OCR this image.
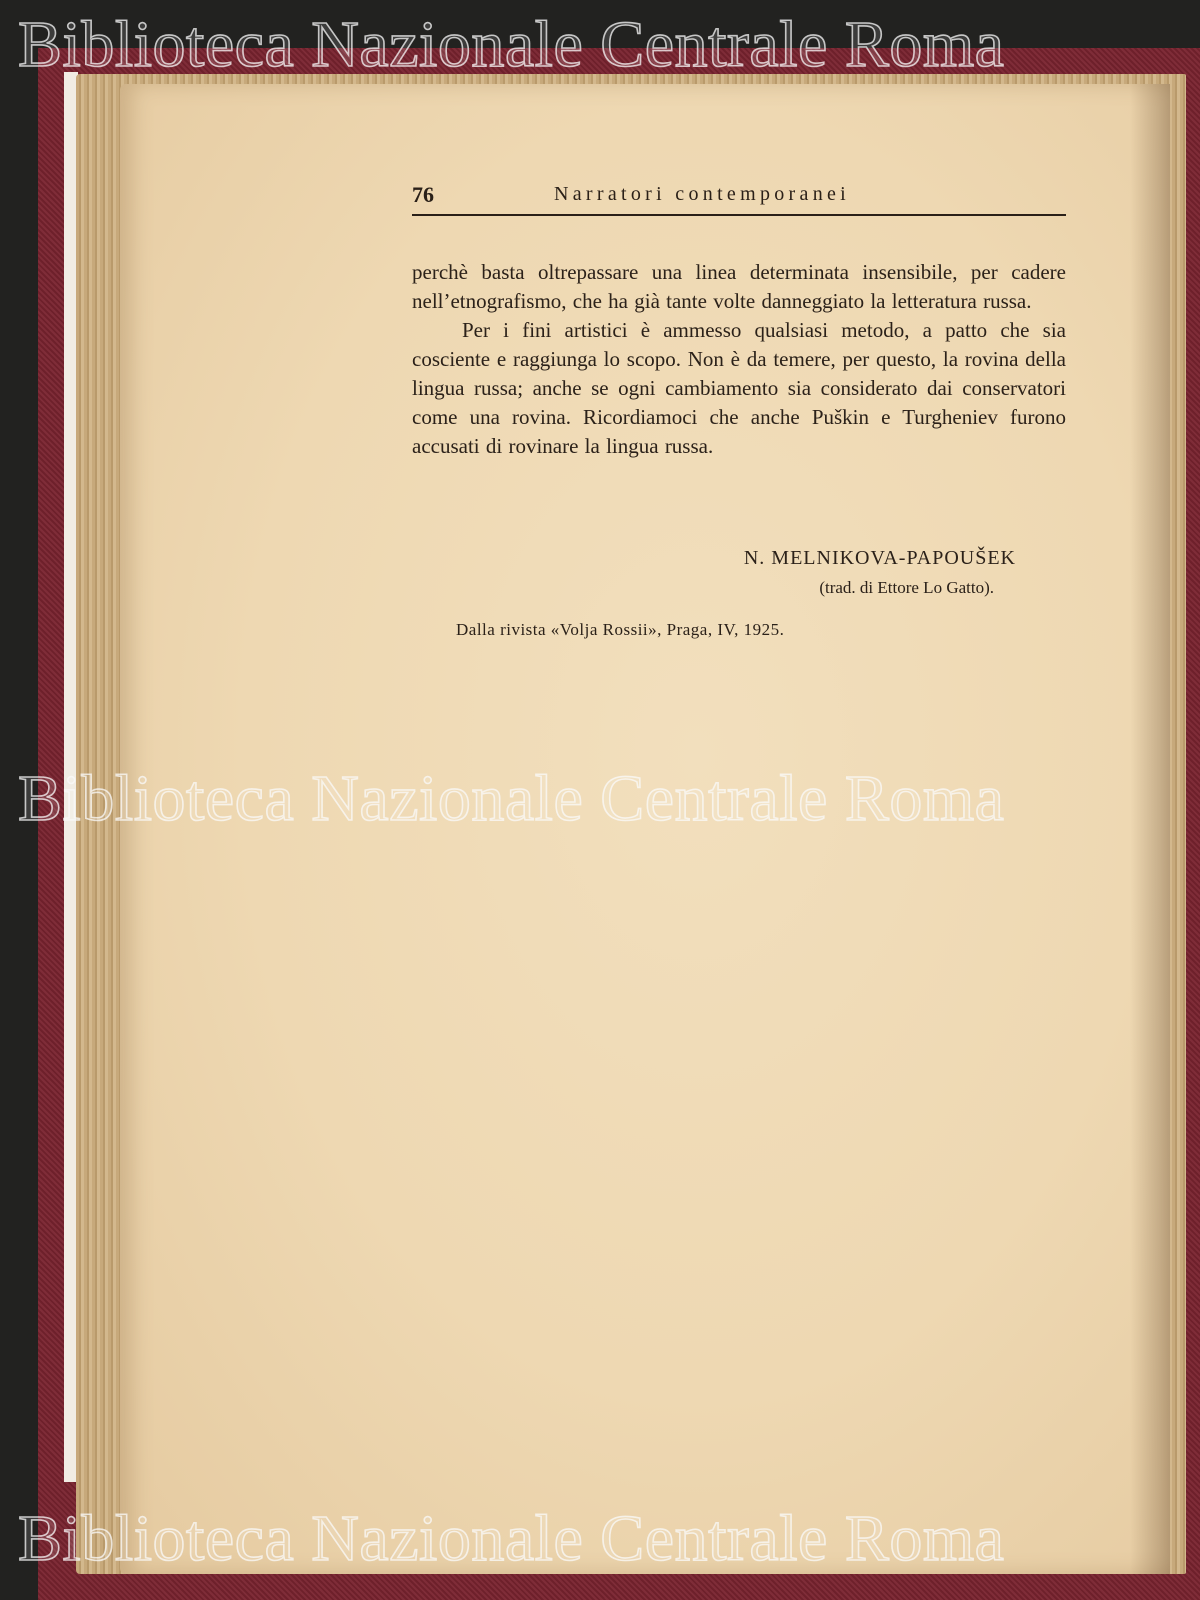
76	Narratori contemporanei

perchè basta oltrepassare una linea determinata insensibile, per cadere nell’etnografismo, che ha già tante volte danneggiato la letteratura russa.

Per i fini artistici è ammesso qualsiasi metodo, a patto che sia cosciente e raggiunga lo scopo. Non è da temere, per questo, la rovina della lingua russa; anche se ogni cambiamento sia considerato dai conservatori come una rovina. Ricordiamoci che anche Puškin e Turgheniev furono accusati di rovinare la lingua russa.

N. MELNIKOVA-PAPOUŠEK
(trad. di Ettore Lo Gatto).
Dalla rivista «Volja Rossii», Praga, IV, 1925.
Biblioteca Nazionale Centrale Roma
Biblioteca Nazionale Centrale Roma
Biblioteca Nazionale Centrale Roma
